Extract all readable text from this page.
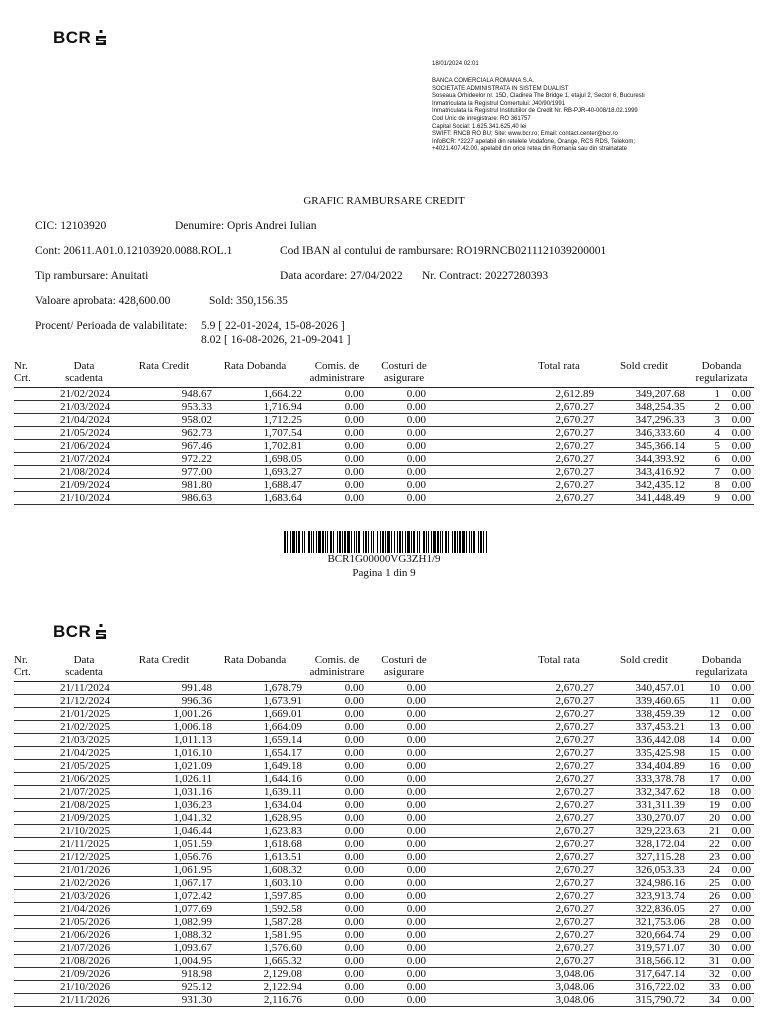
BCR
18/01/2024 02:01
BANCA COMERCIALA ROMANA S.A.
SOCIETATE ADMINISTRATA IN SISTEM DUALIST
Soseaua Orhideelor nr. 15D, Cladirea The Bridge 1, etajul 2, Sector 6, Bucuresti
Inmatriculata la Registrul Comertului: J40/90/1991
Inmatriculata la Registrul Institutiilor de Credit Nr. RB-PJR-40-008/18.02.1999
Cod Unic de inregistrare: RO 361757
Capital Social: 1.625.341.625,40 lei
SWIFT: RNCB RO BU; Site: www.bcr.ro; Email: contact.center@bcr.ro
InfoBCR: *2227 apelabil din retelele Vodafone, Orange, RCS RDS, Telekom;
+4021.407.42.00, apelabil din orice retea din Romania sau din strainatate
GRAFIC RAMBURSARE CREDIT
CIC: 12103920	Denumire: Opris Andrei Iulian
Cont: 20611.A01.0.12103920.0088.ROL.1	Cod IBAN al contului de rambursare: RO19RNCB0211121039200001
Tip rambursare: Anuitati	Data acordare: 27/04/2022 Nr. Contract: 20227280393
Valoare aprobata: 428,600.00	Sold: 350,156.35
Procent/ Perioada de valabilitate: 5.9 [ 22-01-2024, 15-08-2026 ]
8.02 [ 16-08-2026, 21-09-2041 ]
Nr.
Crt.
Data
scadenta
Rata Credit	Rata Dobanda	Comis. de
administrare
Costuri de
asigurare
Total rata	Sold credit	Dobanda
regularizata
1
21/02/2024	948.67	1,664.22	0.00	0.00	2,612.89	349,207.68	0.00
2
21/03/2024	953.33	1,716.94	0.00	0.00	2,670.27	348,254.35	0.00
3
21/04/2024	958.02	1,712.25	0.00	0.00	2,670.27	347,296.33	0.00
4
21/05/2024	962.73	1,707.54	0.00	0.00	2,670.27	346,333.60	0.00
5
21/06/2024	967.46	1,702.81	0.00	0.00	2,670.27	345,366.14	0.00
6
21/07/2024	972.22	1,698.05	0.00	0.00	2,670.27	344,393.92	0.00
7
21/08/2024	977.00	1,693.27	0.00	0.00	2,670.27	343,416.92	0.00
8
21/09/2024	981.80	1,688.47	0.00	0.00	2,670.27	342,435.12	0.00
9
21/10/2024	986.63	1,683.64	0.00	0.00	2,670.27	341,448.49	0.00
BCR1G00000VG3ZH1/9
Pagina 1 din 9
BCR
Nr.
Crt.
Data
scadenta
Rata Credit	Rata Dobanda	Comis. de
administrare
Costuri de
asigurare
Total rata	Sold credit	Dobanda
regularizata
10
21/11/2024	991.48	1,678.79	0.00	0.00	2,670.27	340,457.01	0.00
11
21/12/2024	996.36	1,673.91	0.00	0.00	2,670.27	339,460.65	0.00
12
21/01/2025	1,001.26	1,669.01	0.00	0.00	2,670.27	338,459.39	0.00
13
21/02/2025	1,006.18	1,664.09	0.00	0.00	2,670.27	337,453.21	0.00
14
21/03/2025	1,011.13	1,659.14	0.00	0.00	2,670.27	336,442.08	0.00
15
21/04/2025	1,016.10	1,654.17	0.00	0.00	2,670.27	335,425.98	0.00
16
21/05/2025	1,021.09	1,649.18	0.00	0.00	2,670.27	334,404.89	0.00
17
21/06/2025	1,026.11	1,644.16	0.00	0.00	2,670.27	333,378.78	0.00
18
21/07/2025	1,031.16	1,639.11	0.00	0.00	2,670.27	332,347.62	0.00
19
21/08/2025	1,036.23	1,634.04	0.00	0.00	2,670.27	331,311.39	0.00
20
21/09/2025	1,041.32	1,628.95	0.00	0.00	2,670.27	330,270.07	0.00
21
21/10/2025	1,046.44	1,623.83	0.00	0.00	2,670.27	329,223.63	0.00
22
21/11/2025	1,051.59	1,618.68	0.00	0.00	2,670.27	328,172.04	0.00
23
21/12/2025	1,056.76	1,613.51	0.00	0.00	2,670.27	327,115.28	0.00
24
21/01/2026	1,061.95	1,608.32	0.00	0.00	2,670.27	326,053.33	0.00
25
21/02/2026	1,067.17	1,603.10	0.00	0.00	2,670.27	324,986.16	0.00
26
21/03/2026	1,072.42	1,597.85	0.00	0.00	2,670.27	323,913.74	0.00
27
21/04/2026	1,077.69	1,592.58	0.00	0.00	2,670.27	322,836.05	0.00
28
21/05/2026	1,082.99	1,587.28	0.00	0.00	2,670.27	321,753.06	0.00
29
21/06/2026	1,088.32	1,581.95	0.00	0.00	2,670.27	320,664.74	0.00
30
21/07/2026	1,093.67	1,576.60	0.00	0.00	2,670.27	319,571.07	0.00
31
21/08/2026	1,004.95	1,665.32	0.00	0.00	2,670.27	318,566.12	0.00
32
21/09/2026	918.98	2,129.08	0.00	0.00	3,048.06	317,647.14	0.00
33
21/10/2026	925.12	2,122.94	0.00	0.00	3,048.06	316,722.02	0.00
34
21/11/2026	931.30	2,116.76	0.00	0.00	3,048.06	315,790.72	0.00
